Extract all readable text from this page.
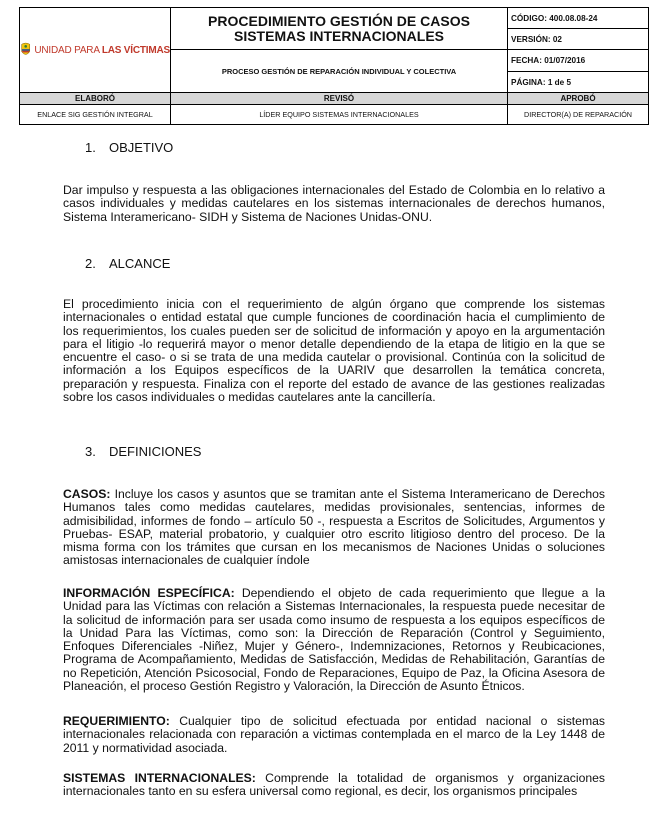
UNIDAD PARA LAS VÍCTIMAS	PROCEDIMIENTO GESTIÓN DE CASOS SISTEMAS INTERNACIONALES	CÓDIGO: 400.08.08-24
		VERSIÓN: 02

	PROCESO GESTIÓN DE REPARACIÓN INDIVIDUAL Y COLECTIVA	FECHA: 01/07/2016
		PÁGINA: 1 de 5
ELABORÓ	REVISÓ	APROBÓ
ENLACE SIG GESTIÓN INTEGRAL	LÍDER EQUIPO SISTEMAS INTERNACIONALES	DIRECTOR(A) DE REPARACIÓN
1. OBJETIVO

Dar impulso y respuesta a las obligaciones internacionales del Estado de Colombia en lo relativo a casos individuales y medidas cautelares en los sistemas internacionales de derechos humanos, Sistema Interamericano- SIDH y Sistema de Naciones Unidas-ONU.

2. ALCANCE

El procedimiento inicia con el requerimiento de algún órgano que comprende los sistemas internacionales o entidad estatal que cumple funciones de coordinación hacia el cumplimiento de los requerimientos, los cuales pueden ser de solicitud de información y apoyo en la argumentación para el litigio -lo requerirá mayor o menor detalle dependiendo de la etapa de litigio en la que se encuentre el caso- o si se trata de una medida cautelar o provisional. Continúa con la solicitud de información a los Equipos específicos de la UARIV que desarrollen la temática concreta, preparación y respuesta. Finaliza con el reporte del estado de avance de las gestiones realizadas sobre los casos individuales o medidas cautelares ante la cancillería.

3. DEFINICIONES

CASOS: Incluye los casos y asuntos que se tramitan ante el Sistema Interamericano de Derechos Humanos tales como medidas cautelares, medidas provisionales, sentencias, informes de admisibilidad, informes de fondo – artículo 50 -, respuesta a Escritos de Solicitudes, Argumentos y Pruebas- ESAP, material probatorio, y cualquier otro escrito litigioso dentro del proceso. De la misma forma con los trámites que cursan en los mecanismos de Naciones Unidas o soluciones amistosas internacionales de cualquier índole

INFORMACIÓN ESPECÍFICA: Dependiendo el objeto de cada requerimiento que llegue a la Unidad para las Víctimas con relación a Sistemas Internacionales, la respuesta puede necesitar de la solicitud de información para ser usada como insumo de respuesta a los equipos específicos de la Unidad Para las Víctimas, como son: la Dirección de Reparación (Control y Seguimiento, Enfoques Diferenciales -Niñez, Mujer y Género-, Indemnizaciones, Retornos y Reubicaciones, Programa de Acompañamiento, Medidas de Satisfacción, Medidas de Rehabilitación, Garantías de no Repetición, Atención Psicosocial, Fondo de Reparaciones, Equipo de Paz, la Oficina Asesora de Planeación, el proceso Gestión Registro y Valoración, la Dirección de Asunto Étnicos.

REQUERIMIENTO: Cualquier tipo de solicitud efectuada por entidad nacional o sistemas internacionales relacionada con reparación a victimas contemplada en el marco de la Ley 1448 de 2011 y normatividad asociada.

SISTEMAS INTERNACIONALES: Comprende la totalidad de organismos y organizaciones internacionales tanto en su esfera universal como regional, es decir, los organismos principales
